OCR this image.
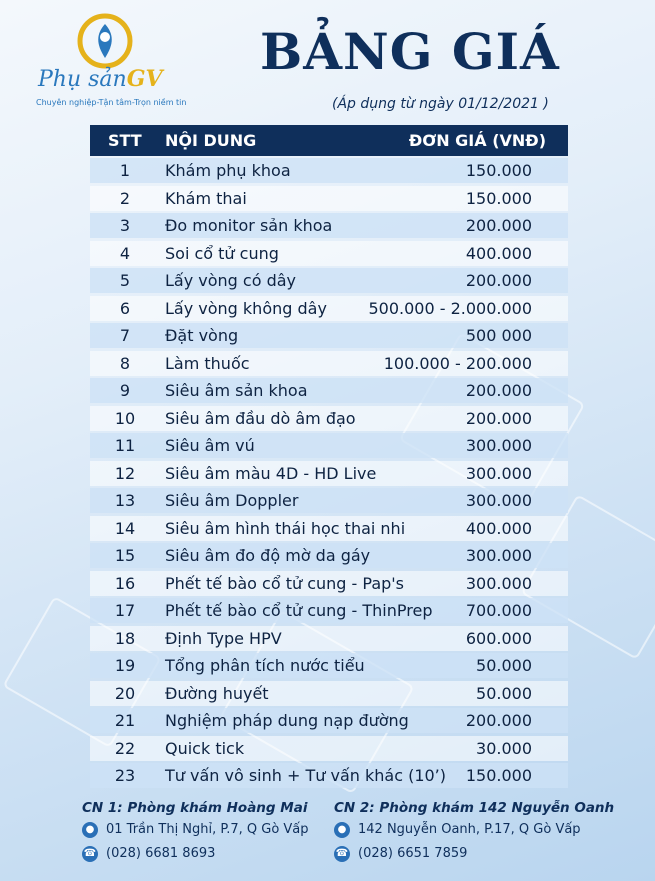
Phụ sảnGV
Chuyên nghiệp-Tận tâm-Trọn niềm tin
BẢNG GIÁ
(Áp dụng từ ngày 01/12/2021 )
STT NỘI DUNG	ĐƠN GIÁ (VNĐ)
1	Khám phụ khoa	150.000
2	Khám thai	150.000
3	Đo monitor sản khoa	200.000
4	Soi cổ tử cung	400.000
5	Lấy vòng có dây	200.000
6	Lấy vòng không dây	500.000 - 2.000.000
7	Đặt vòng	500 000
8	Làm thuốc	100.000 - 200.000
9	Siêu âm sản khoa	200.000
10	Siêu âm đầu dò âm đạo	200.000
11	Siêu âm vú	300.000
12	Siêu âm màu 4D - HD Live	300.000
13	Siêu âm Doppler	300.000
14	Siêu âm hình thái học thai nhi	400.000
15	Siêu âm đo độ mờ da gáy	300.000
16	Phết tế bào cổ tử cung - Pap's	300.000
17	Phết tế bào cổ tử cung - ThinPrep 700.000
18	Định Type HPV	600.000
19	Tổng phân tích nước tiểu	50.000
20	Đường huyết	50.000
21	Nghiệm pháp dung nạp đường	200.000
22	Quick tick	30.000
23	Tư vấn vô sinh + Tư vấn khác (10’) 150.000
CN 1: Phòng khám Hoàng Mai
● 01 Trần Thị Nghỉ, P.7, Q Gò Vấp
☎ (028) 6681 8693
CN 2: Phòng khám 142 Nguyễn Oanh
● 142 Nguyễn Oanh, P.17, Q Gò Vấp
☎ (028) 6651 7859
